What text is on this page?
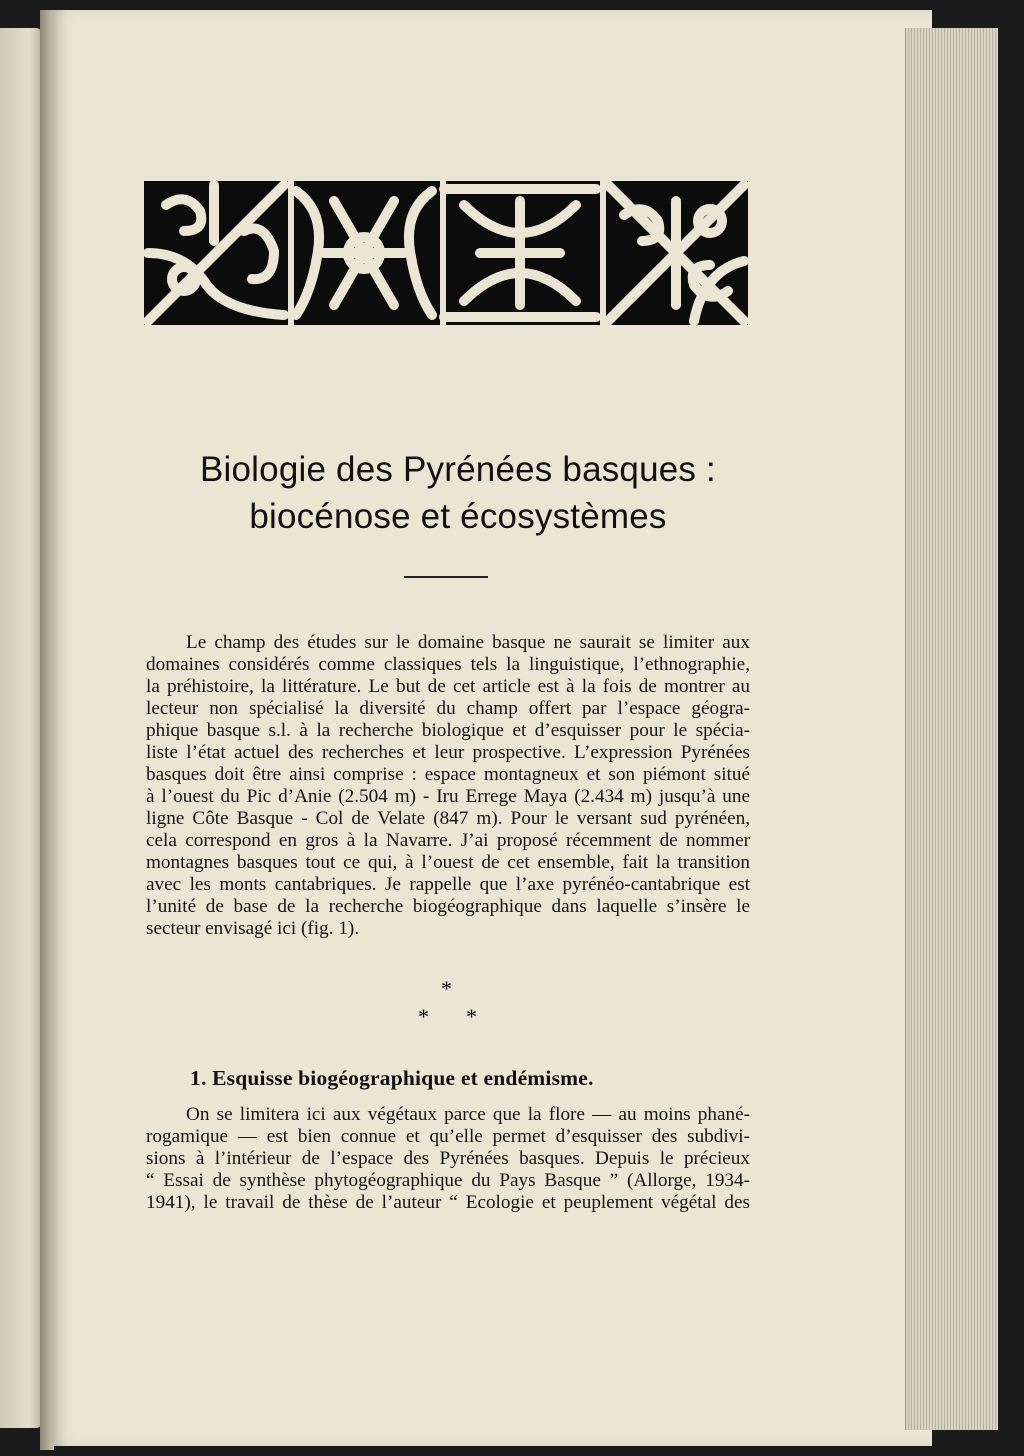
Biologie des Pyrénées basques :
biocénose et écosystèmes
Le champ des études sur le domaine basque ne saurait se limiter aux
domaines considérés comme classiques tels la linguistique, l’ethnographie,
la préhistoire, la littérature. Le but de cet article est à la fois de montrer au
lecteur non spécialisé la diversité du champ offert par l’espace géogra-
phique basque s.l. à la recherche biologique et d’esquisser pour le spécia-
liste l’état actuel des recherches et leur prospective. L’expression Pyrénées
basques doit être ainsi comprise : espace montagneux et son piémont situé
à l’ouest du Pic d’Anie (2.504 m) - Iru Errege Maya (2.434 m) jusqu’à une
ligne Côte Basque - Col de Velate (847 m). Pour le versant sud pyrénéen,
cela correspond en gros à la Navarre. J’ai proposé récemment de nommer
montagnes basques tout ce qui, à l’ouest de cet ensemble, fait la transition
avec les monts cantabriques. Je rappelle que l’axe pyrénéo-cantabrique est
l’unité de base de la recherche biogéographique dans laquelle s’insère le
secteur envisagé ici (fig. 1).
*
* *
1. Esquisse biogéographique et endémisme.
On se limitera ici aux végétaux parce que la flore — au moins phané-
rogamique — est bien connue et qu’elle permet d’esquisser des subdivi-
sions à l’intérieur de l’espace des Pyrénées basques. Depuis le précieux
“ Essai de synthèse phytogéographique du Pays Basque ” (Allorge, 1934-
1941), le travail de thèse de l’auteur “ Ecologie et peuplement végétal des
